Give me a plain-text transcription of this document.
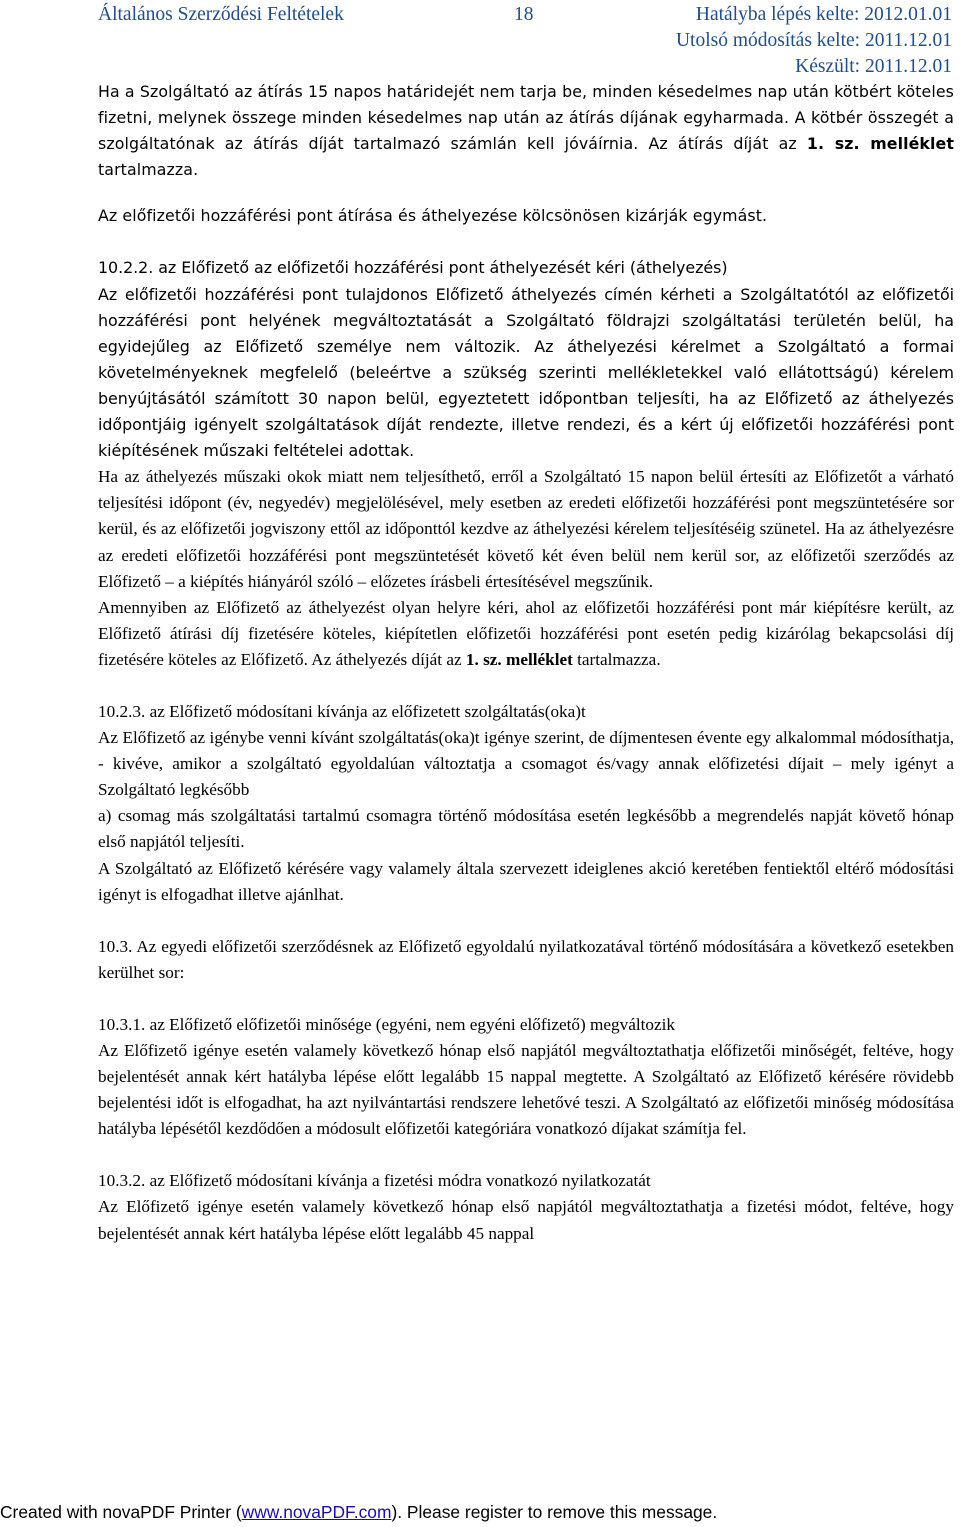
Általános Szerződési Feltételek	18	Hatályba lépés kelte: 2012.01.01
Utolsó módosítás kelte: 2011.12.01
Készült: 2011.12.01

Ha a Szolgáltató az átírás 15 napos határidejét nem tarja be, minden késedelmes nap után kötbért köteles fizetni, melynek összege minden késedelmes nap után az átírás díjának egyharmada. A kötbér összegét a szolgáltatónak az átírás díját tartalmazó számlán kell jóváírnia. Az átírás díját az 1. sz. melléklet tartalmazza.

Az előfizetői hozzáférési pont átírása és áthelyezése kölcsönösen kizárják egymást.

10.2.2. az Előfizető az előfizetői hozzáférési pont áthelyezését kéri (áthelyezés)

Az előfizetői hozzáférési pont tulajdonos Előfizető áthelyezés címén kérheti a Szolgáltatótól az előfizetői hozzáférési pont helyének megváltoztatását a Szolgáltató földrajzi szolgáltatási területén belül, ha egyidejűleg az Előfizető személye nem változik. Az áthelyezési kérelmet a Szolgáltató a formai követelményeknek megfelelő (beleértve a szükség szerinti mellékletekkel való ellátottságú) kérelem benyújtásától számított 30 napon belül, egyeztetett időpontban teljesíti, ha az Előfizető az áthelyezés időpontjáig igényelt szolgáltatások díját rendezte, illetve rendezi, és a kért új előfizetői hozzáférési pont kiépítésének műszaki feltételei adottak.

Ha az áthelyezés műszaki okok miatt nem teljesíthető, erről a Szolgáltató 15 napon belül értesíti az Előfizetőt a várható teljesítési időpont (év, negyedév) megjelölésével, mely esetben az eredeti előfizetői hozzáférési pont megszüntetésére sor kerül, és az előfizetői jogviszony ettől az időponttól kezdve az áthelyezési kérelem teljesítéséig szünetel. Ha az áthelyezésre az eredeti előfizetői hozzáférési pont megszüntetését követő két éven belül nem kerül sor, az előfizetői szerződés az Előfizető – a kiépítés hiányáról szóló – előzetes írásbeli értesítésével megszűnik.

Amennyiben az Előfizető az áthelyezést olyan helyre kéri, ahol az előfizetői hozzáférési pont már kiépítésre került, az Előfizető átírási díj fizetésére köteles, kiépítetlen előfizetői hozzáférési pont esetén pedig kizárólag bekapcsolási díj fizetésére köteles az Előfizető. Az áthelyezés díját az 1. sz. melléklet tartalmazza.

10.2.3. az Előfizető módosítani kívánja az előfizetett szolgáltatás(oka)t

Az Előfizető az igénybe venni kívánt szolgáltatás(oka)t igénye szerint, de díjmentesen évente egy alkalommal módosíthatja, - kivéve, amikor a szolgáltató egyoldalúan változtatja a csomagot és/vagy annak előfizetési díjait – mely igényt a Szolgáltató legkésőbb

a) csomag más szolgáltatási tartalmú csomagra történő módosítása esetén legkésőbb a megrendelés napját követő hónap első napjától teljesíti.

A Szolgáltató az Előfizető kérésére vagy valamely általa szervezett ideiglenes akció keretében fentiektől eltérő módosítási igényt is elfogadhat illetve ajánlhat.

10.3. Az egyedi előfizetői szerződésnek az Előfizető egyoldalú nyilatkozatával történő módosítására a következő esetekben kerülhet sor:

10.3.1. az Előfizető előfizetői minősége (egyéni, nem egyéni előfizető) megváltozik

Az Előfizető igénye esetén valamely következő hónap első napjától megváltoztathatja előfizetői minőségét, feltéve, hogy bejelentését annak kért hatályba lépése előtt legalább 15 nappal megtette. A Szolgáltató az Előfizető kérésére rövidebb bejelentési időt is elfogadhat, ha azt nyilvántartási rendszere lehetővé teszi. A Szolgáltató az előfizetői minőség módosítása hatályba lépésétől kezdődően a módosult előfizetői kategóriára vonatkozó díjakat számítja fel.

10.3.2. az Előfizető módosítani kívánja a fizetési módra vonatkozó nyilatkozatát

Az Előfizető igénye esetén valamely következő hónap első napjától megváltoztathatja a fizetési módot, feltéve, hogy bejelentését annak kért hatályba lépése előtt legalább 45 nappal

Created with novaPDF Printer (www.novaPDF.com). Please register to remove this message.
